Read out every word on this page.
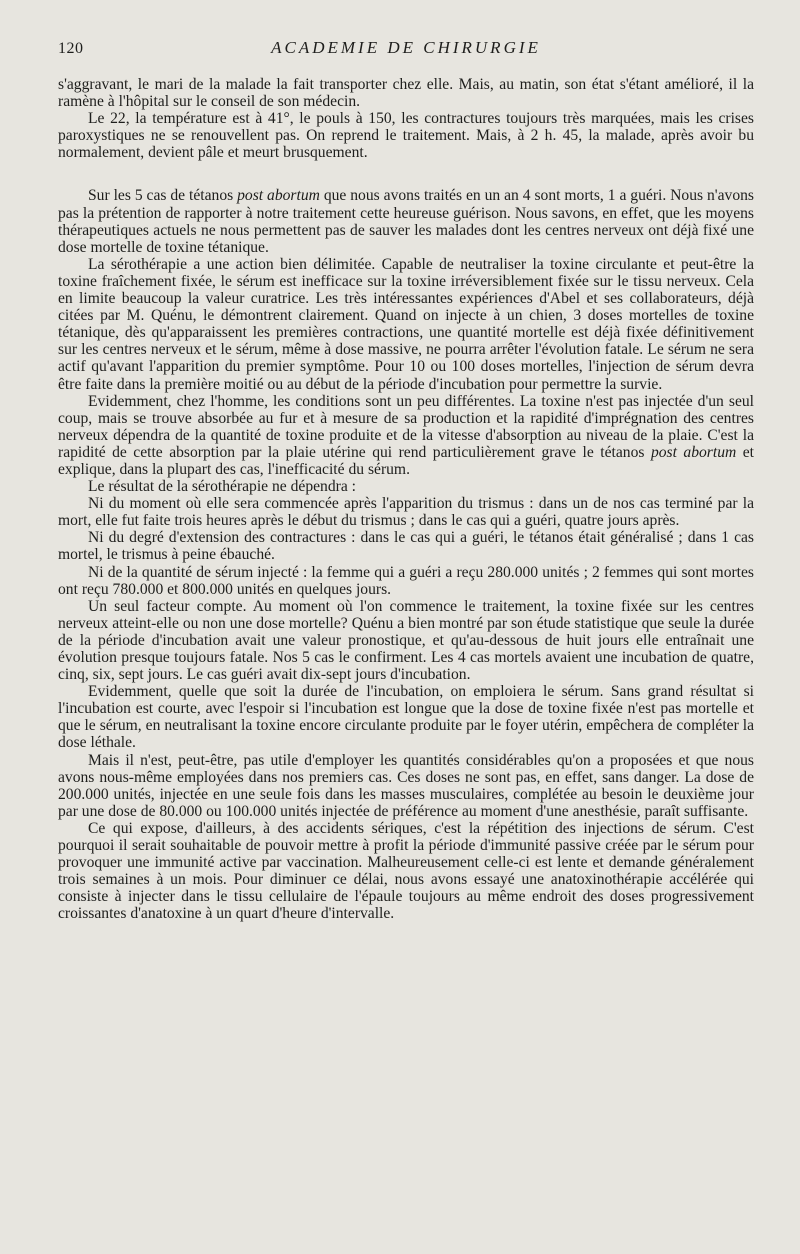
120	ACADEMIE DE CHIRURGIE

s'aggravant, le mari de la malade la fait transporter chez elle. Mais, au matin, son état s'étant amélioré, il la ramène à l'hôpital sur le conseil de son médecin.

Le 22, la température est à 41°, le pouls à 150, les contractures toujours très marquées, mais les crises paroxystiques ne se renouvellent pas. On reprend le traitement. Mais, à 2 h. 45, la malade, après avoir bu normalement, devient pâle et meurt brusquement.

Sur les 5 cas de tétanos post abortum que nous avons traités en un an 4 sont morts, 1 a guéri. Nous n'avons pas la prétention de rapporter à notre traitement cette heureuse guérison. Nous savons, en effet, que les moyens thérapeutiques actuels ne nous permettent pas de sauver les malades dont les centres nerveux ont déjà fixé une dose mortelle de toxine tétanique.

La sérothérapie a une action bien délimitée. Capable de neutraliser la toxine circulante et peut-être la toxine fraîchement fixée, le sérum est inefficace sur la toxine irréversiblement fixée sur le tissu nerveux. Cela en limite beaucoup la valeur curatrice. Les très intéressantes expériences d'Abel et ses collaborateurs, déjà citées par M. Quénu, le démontrent clairement. Quand on injecte à un chien, 3 doses mortelles de toxine tétanique, dès qu'apparaissent les premières contractions, une quantité mortelle est déjà fixée définitivement sur les centres nerveux et le sérum, même à dose massive, ne pourra arrêter l'évolution fatale. Le sérum ne sera actif qu'avant l'apparition du premier symptôme. Pour 10 ou 100 doses mortelles, l'injection de sérum devra être faite dans la première moitié ou au début de la période d'incubation pour permettre la survie.

Evidemment, chez l'homme, les conditions sont un peu différentes. La toxine n'est pas injectée d'un seul coup, mais se trouve absorbée au fur et à mesure de sa production et la rapidité d'imprégnation des centres nerveux dépendra de la quantité de toxine produite et de la vitesse d'absorption au niveau de la plaie. C'est la rapidité de cette absorption par la plaie utérine qui rend particulièrement grave le tétanos post abortum et explique, dans la plupart des cas, l'inefficacité du sérum.

Le résultat de la sérothérapie ne dépendra :

Ni du moment où elle sera commencée après l'apparition du trismus : dans un de nos cas terminé par la mort, elle fut faite trois heures après le début du trismus ; dans le cas qui a guéri, quatre jours après.

Ni du degré d'extension des contractures : dans le cas qui a guéri, le tétanos était généralisé ; dans 1 cas mortel, le trismus à peine ébauché.

Ni de la quantité de sérum injecté : la femme qui a guéri a reçu 280.000 unités ; 2 femmes qui sont mortes ont reçu 780.000 et 800.000 unités en quelques jours.

Un seul facteur compte. Au moment où l'on commence le traitement, la toxine fixée sur les centres nerveux atteint-elle ou non une dose mortelle? Quénu a bien montré par son étude statistique que seule la durée de la période d'incubation avait une valeur pronostique, et qu'au-dessous de huit jours elle entraînait une évolution presque toujours fatale. Nos 5 cas le confirment. Les 4 cas mortels avaient une incubation de quatre, cinq, six, sept jours. Le cas guéri avait dix-sept jours d'incubation.

Evidemment, quelle que soit la durée de l'incubation, on emploiera le sérum. Sans grand résultat si l'incubation est courte, avec l'espoir si l'incubation est longue que la dose de toxine fixée n'est pas mortelle et que le sérum, en neutralisant la toxine encore circulante produite par le foyer utérin, empêchera de compléter la dose léthale.

Mais il n'est, peut-être, pas utile d'employer les quantités considérables qu'on a proposées et que nous avons nous-même employées dans nos premiers cas. Ces doses ne sont pas, en effet, sans danger. La dose de 200.000 unités, injectée en une seule fois dans les masses musculaires, complétée au besoin le deuxième jour par une dose de 80.000 ou 100.000 unités injectée de préférence au moment d'une anesthésie, paraît suffisante.

Ce qui expose, d'ailleurs, à des accidents sériques, c'est la répétition des injections de sérum. C'est pourquoi il serait souhaitable de pouvoir mettre à profit la période d'immunité passive créée par le sérum pour provoquer une immunité active par vaccination. Malheureusement celle-ci est lente et demande généralement trois semaines à un mois. Pour diminuer ce délai, nous avons essayé une anatoxinothérapie accélérée qui consiste à injecter dans le tissu cellulaire de l'épaule toujours au même endroit des doses progressivement croissantes d'anatoxine à un quart d'heure d'intervalle.
